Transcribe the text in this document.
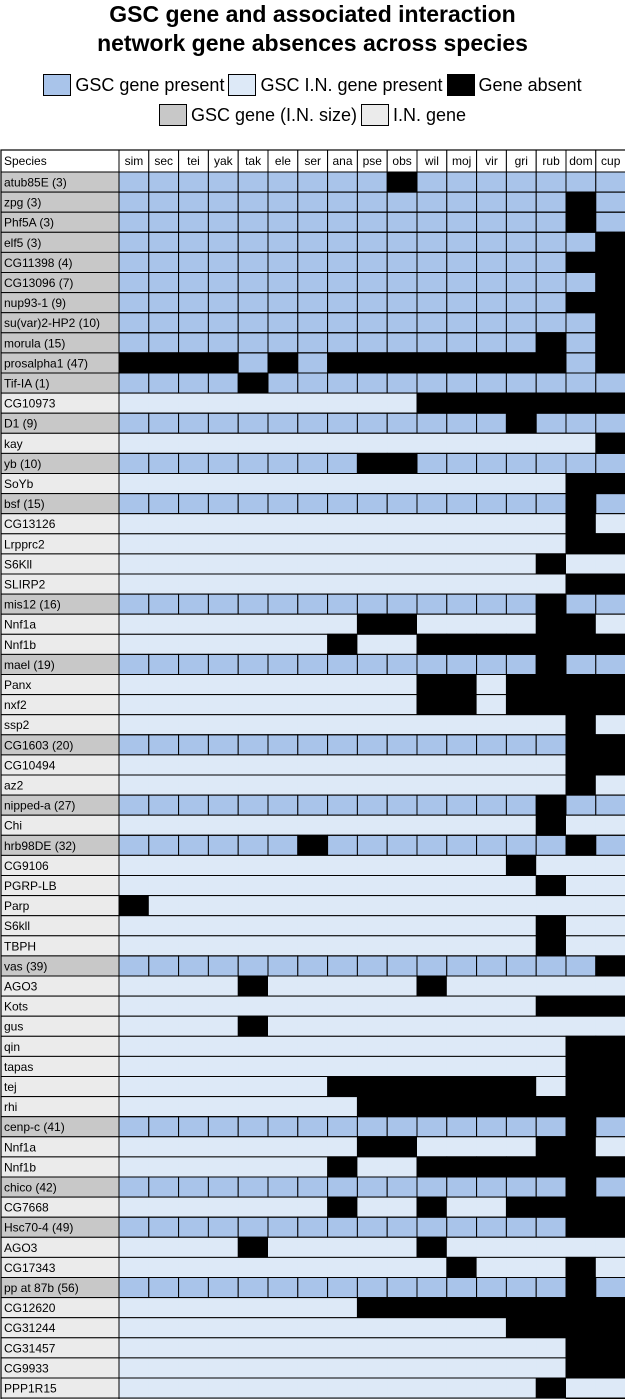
GSC gene and associated interaction
network gene absences across species
GSC gene present GSC I.N. gene present Gene absent
GSC gene (I.N. size) I.N. gene
Species	sim sec tei yak tak ele ser ana pse obs wil moj vir gri rub dom cup
atub85E (3)
zpg (3)
Phf5A (3)
elf5 (3)
CG11398 (4)
CG13096 (7)
nup93-1 (9)
su(var)2-HP2 (10)
morula (15)
prosalpha1 (47)
Tif-IA (1)
CG10973
D1 (9)
kay
yb (10)
SoYb
bsf (15)
CG13126
Lrpprc2
S6Kll
SLIRP2
mis12 (16)
Nnf1a
Nnf1b
mael (19)
Panx
nxf2
ssp2
CG1603 (20)
CG10494
az2
nipped-a (27)
Chi
hrb98DE (32)
CG9106
PGRP-LB
Parp
S6kll
TBPH
vas (39)
AGO3
Kots
gus
qin
tapas
tej
rhi
cenp-c (41)
Nnf1a
Nnf1b
chico (42)
CG7668
Hsc70-4 (49)
AGO3
CG17343
pp at 87b (56)
CG12620
CG31244
CG31457
CG9933
PPP1R15
